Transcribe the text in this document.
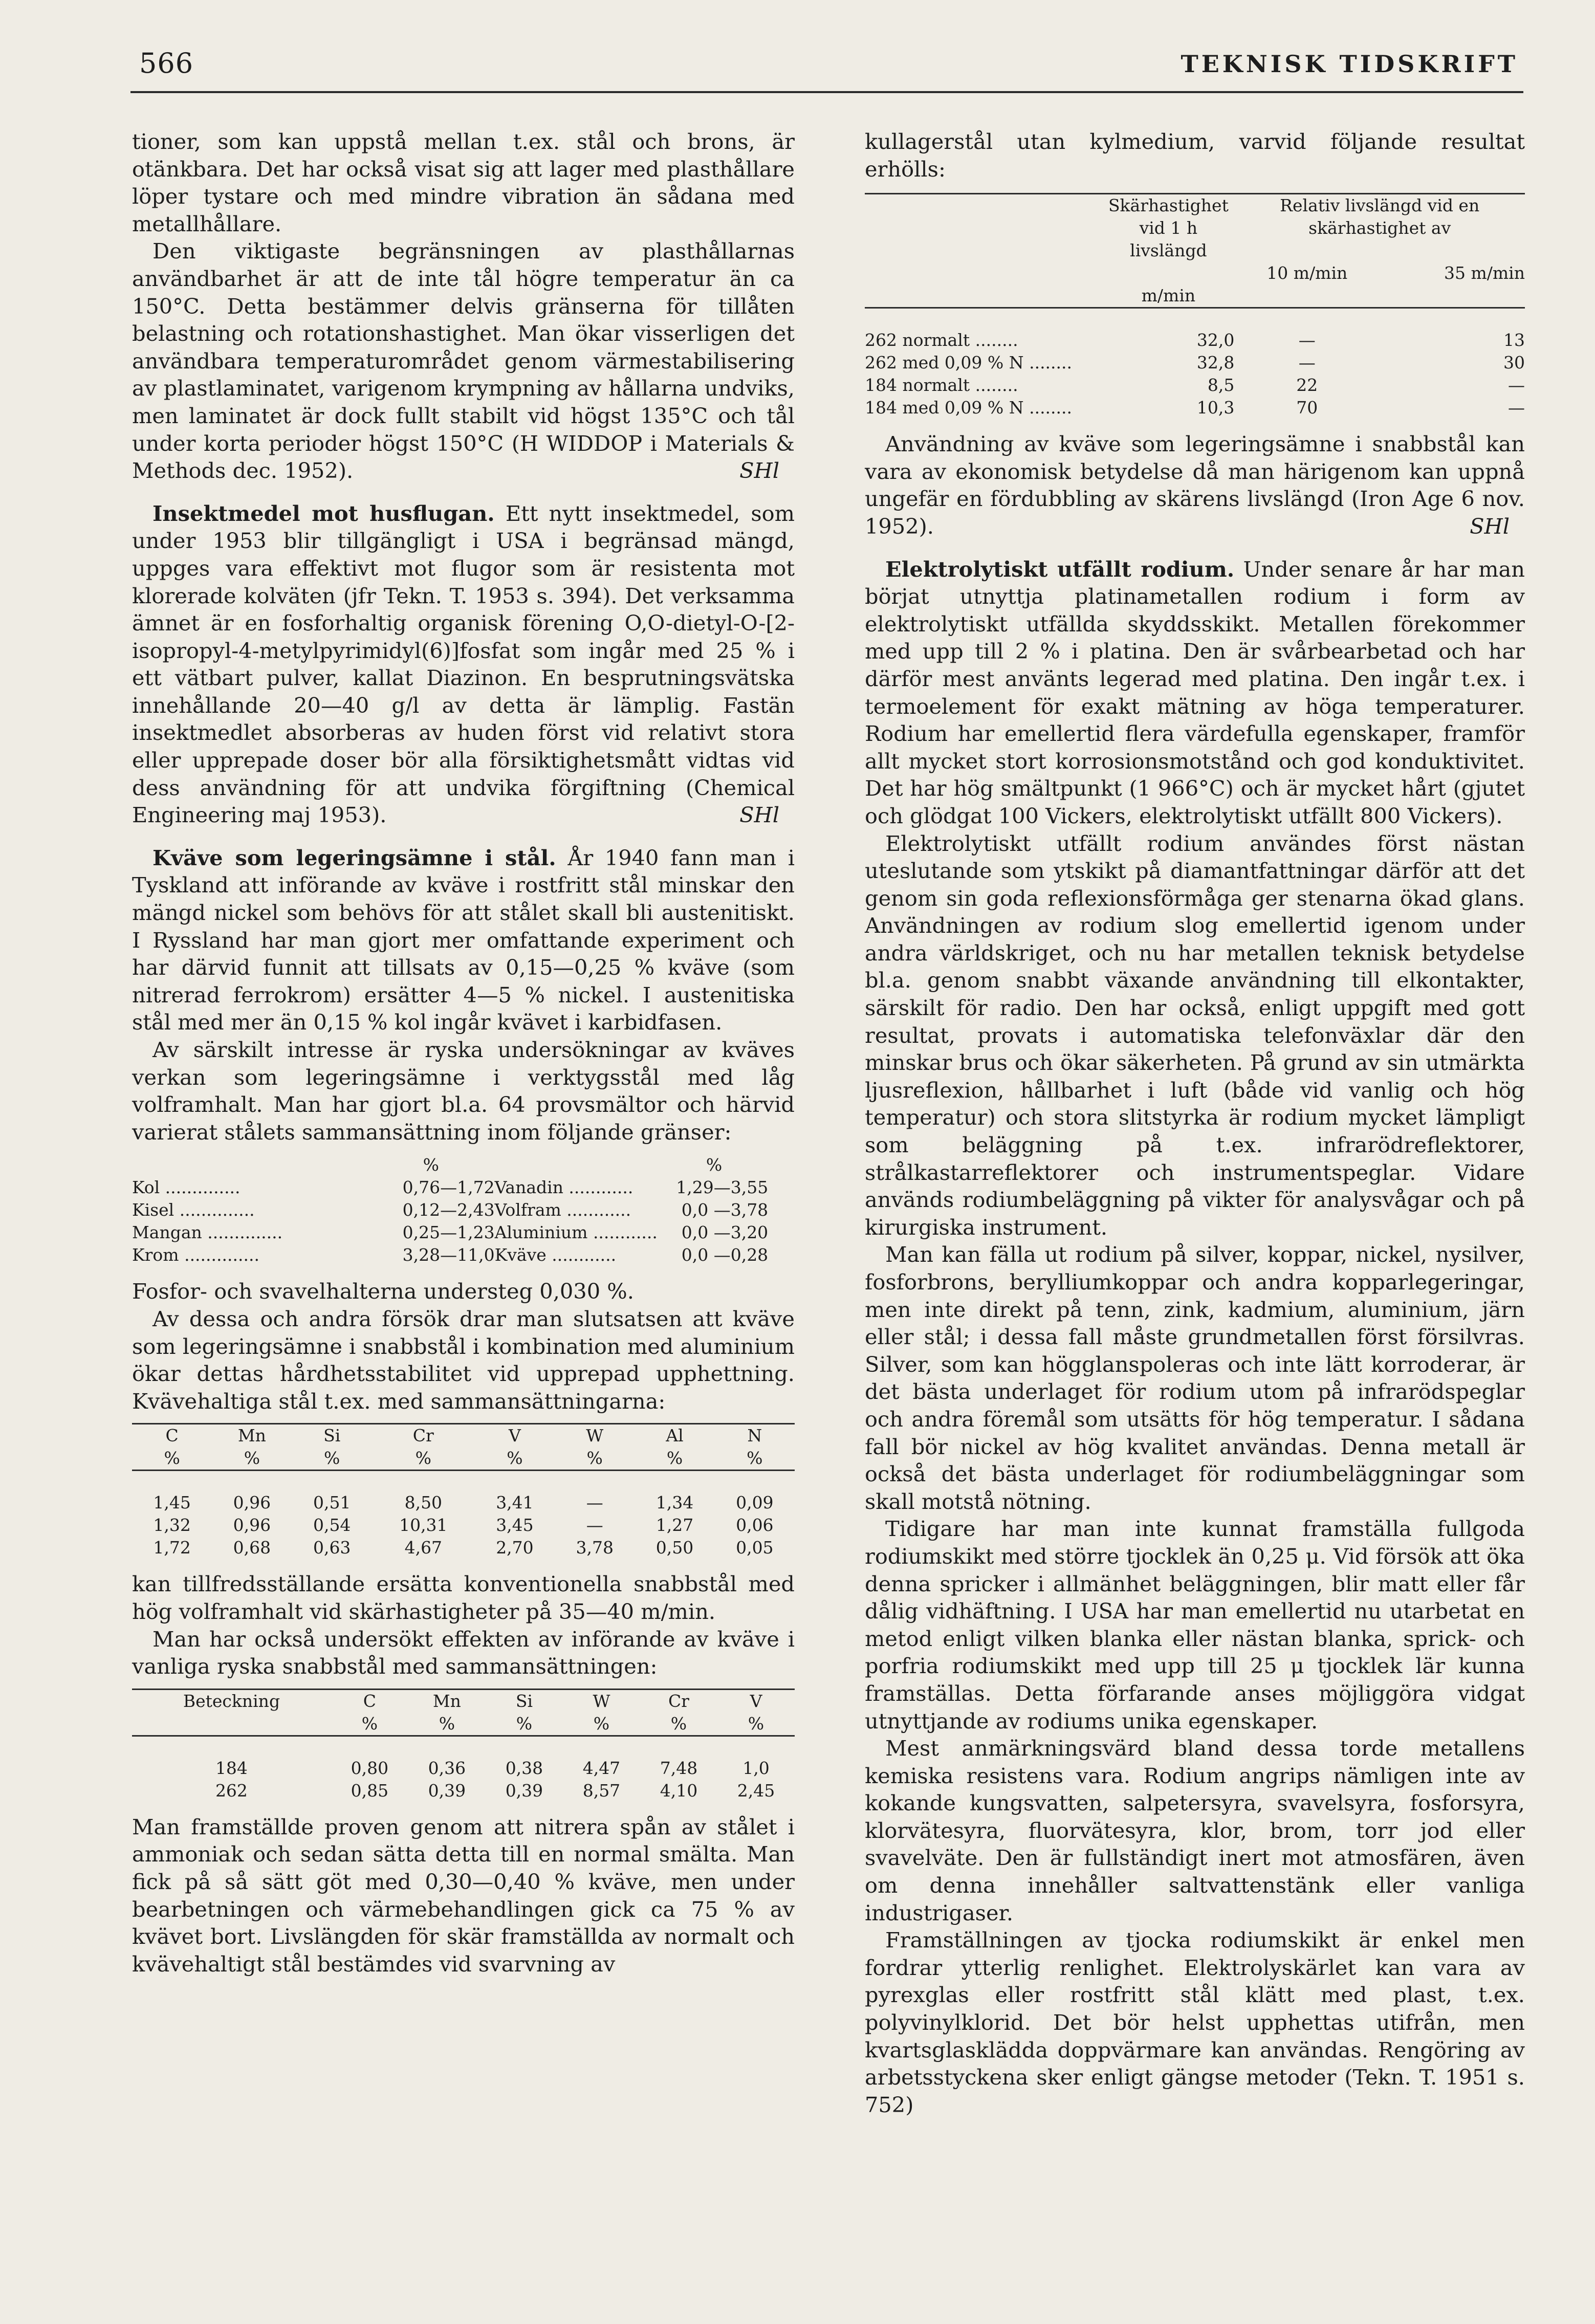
566	TEKNISK TIDSKRIFT

tioner, som kan uppstå mellan t.ex. stål och brons, är otänkbara. Det har också visat sig att lager med plasthållare löper tystare och med mindre vibration än sådana med metallhållare.

Den viktigaste begränsningen av plasthållarnas användbarhet är att de inte tål högre temperatur än ca 150°C. Detta bestämmer delvis gränserna för tillåten belastning och rotationshastighet. Man ökar visserligen det användbara temperaturområdet genom värmestabilisering av plastlaminatet, varigenom krympning av hållarna undviks, men laminatet är dock fullt stabilt vid högst 135°C och tål under korta perioder högst 150°C (H WIDDOP i Materials & Methods dec. 1952).	SHl

Insektmedel mot husflugan. Ett nytt insektmedel, som under 1953 blir tillgängligt i USA i begränsad mängd, uppges vara effektivt mot flugor som är resistenta mot klorerade kolväten (jfr Tekn. T. 1953 s. 394). Det verksamma ämnet är en fosforhaltig organisk förening O,O-dietyl-O-[2-isopropyl-4-metylpyrimidyl(6)]fosfat som ingår med 25 % i ett vätbart pulver, kallat Diazinon. En besprutningsvätska innehållande 20—40 g/l av detta är lämplig. Fastän insektmedlet absorberas av huden först vid relativt stora eller upprepade doser bör alla försiktighetsmått vidtas vid dess användning för att undvika förgiftning (Chemical Engineering maj 1953).	SHl

Kväve som legeringsämne i stål. År 1940 fann man i Tyskland att införande av kväve i rostfritt stål minskar den mängd nickel som behövs för att stålet skall bli austenitiskt. I Ryssland har man gjort mer omfattande experiment och har därvid funnit att tillsats av 0,15—0,25 % kväve (som nitrerad ferrokrom) ersätter 4—5 % nickel. I austenitiska stål med mer än 0,15 % kol ingår kvävet i karbidfasen.

Av särskilt intresse är ryska undersökningar av kväves verkan som legeringsämne i verktygsstål med låg volframhalt. Man har gjort bl.a. 64 provsmältor och härvid varierat stålets sammansättning inom följande gränser:

	%		%
Kol ..............	0,76—1,72	Vanadin ............	1,29—3,55
Kisel ..............	0,12—2,43	Volfram ............	0,0 —3,78
Mangan ..............	0,25—1,23	Aluminium ............	0,0 —3,20
Krom ..............	3,28—11,0	Kväve ............	0,0 —0,28

Fosfor- och svavelhalterna understeg 0,030 %.

Av dessa och andra försök drar man slutsatsen att kväve som legeringsämne i snabbstål i kombination med aluminium ökar dettas hårdhetsstabilitet vid upprepad upphettning. Kvävehaltiga stål t.ex. med sammansättningarna:

C	Mn	Si	Cr	V	W	Al	N
%	%	%	%	%	%	%	%

1,45	0,96	0,51	8,50	3,41	—	1,34	0,09
1,32	0,96	0,54	10,31	3,45	—	1,27	0,06
1,72	0,68	0,63	4,67	2,70	3,78	0,50	0,05

kan tillfredsställande ersätta konventionella snabbstål med hög volframhalt vid skärhastigheter på 35—40 m/min.

Man har också undersökt effekten av införande av kväve i vanliga ryska snabbstål med sammansättningen:

Beteckning	C	Mn	Si	W	Cr	V
	%	%	%	%	%	%

184	0,80	0,36	0,38	4,47	7,48	1,0
262	0,85	0,39	0,39	8,57	4,10	2,45

Man framställde proven genom att nitrera spån av stålet i ammoniak och sedan sätta detta till en normal smälta. Man fick på så sätt göt med 0,30—0,40 % kväve, men under bearbetningen och värmebehandlingen gick ca 75 % av kvävet bort. Livslängden för skär framställda av normalt och kvävehaltigt stål bestämdes vid svarvning av

kullagerstål utan kylmedium, varvid följande resultat erhölls:

	Skärhastighet vid 1 h livslängd	Relativ livslängd vid en skärhastighet av	
		10 m/min	35 m/min
	m/min		

262 normalt ........	32,0	—	13
262 med 0,09 % N ........	32,8	—	30
184 normalt ........	8,5	22	—
184 med 0,09 % N ........	10,3	70	—

Användning av kväve som legeringsämne i snabbstål kan vara av ekonomisk betydelse då man härigenom kan uppnå ungefär en fördubbling av skärens livslängd (Iron Age 6 nov. 1952).	SHl

Elektrolytiskt utfällt rodium. Under senare år har man börjat utnyttja platinametallen rodium i form av elektrolytiskt utfällda skyddsskikt. Metallen förekommer med upp till 2 % i platina. Den är svårbearbetad och har därför mest använts legerad med platina. Den ingår t.ex. i termoelement för exakt mätning av höga temperaturer. Rodium har emellertid flera värdefulla egenskaper, framför allt mycket stort korrosionsmotstånd och god konduktivitet. Det har hög smältpunkt (1 966°C) och är mycket hårt (gjutet och glödgat 100 Vickers, elektrolytiskt utfällt 800 Vickers).

Elektrolytiskt utfällt rodium användes först nästan uteslutande som ytskikt på diamantfattningar därför att det genom sin goda reflexionsförmåga ger stenarna ökad glans. Användningen av rodium slog emellertid igenom under andra världskriget, och nu har metallen teknisk betydelse bl.a. genom snabbt växande användning till elkontakter, särskilt för radio. Den har också, enligt uppgift med gott resultat, provats i automatiska telefonväxlar där den minskar brus och ökar säkerheten. På grund av sin utmärkta ljusreflexion, hållbarhet i luft (både vid vanlig och hög temperatur) och stora slitstyrka är rodium mycket lämpligt som beläggning på t.ex. infrarödreflektorer, strålkastarreflektorer och instrumentspeglar. Vidare används rodiumbeläggning på vikter för analysvågar och på kirurgiska instrument.

Man kan fälla ut rodium på silver, koppar, nickel, nysilver, fosforbrons, berylliumkoppar och andra kopparlegeringar, men inte direkt på tenn, zink, kadmium, aluminium, järn eller stål; i dessa fall måste grundmetallen först försilvras. Silver, som kan högglanspoleras och inte lätt korroderar, är det bästa underlaget för rodium utom på infrarödspeglar och andra föremål som utsätts för hög temperatur. I sådana fall bör nickel av hög kvalitet användas. Denna metall är också det bästa underlaget för rodiumbeläggningar som skall motstå nötning.

Tidigare har man inte kunnat framställa fullgoda rodiumskikt med större tjocklek än 0,25 μ. Vid försök att öka denna spricker i allmänhet beläggningen, blir matt eller får dålig vidhäftning. I USA har man emellertid nu utarbetat en metod enligt vilken blanka eller nästan blanka, sprick- och porfria rodiumskikt med upp till 25 μ tjocklek lär kunna framställas. Detta förfarande anses möjliggöra vidgat utnyttjande av rodiums unika egenskaper.

Mest anmärkningsvärd bland dessa torde metallens kemiska resistens vara. Rodium angrips nämligen inte av kokande kungsvatten, salpetersyra, svavelsyra, fosforsyra, klorvätesyra, fluorvätesyra, klor, brom, torr jod eller svavelväte. Den är fullständigt inert mot atmosfären, även om denna innehåller saltvattenstänk eller vanliga industrigaser.

Framställningen av tjocka rodiumskikt är enkel men fordrar ytterlig renlighet. Elektrolyskärlet kan vara av pyrexglas eller rostfritt stål klätt med plast, t.ex. polyvinylklorid. Det bör helst upphettas utifrån, men kvartsglasklädda doppvärmare kan användas. Rengöring av arbetsstyckena sker enligt gängse metoder (Tekn. T. 1951 s. 752)
